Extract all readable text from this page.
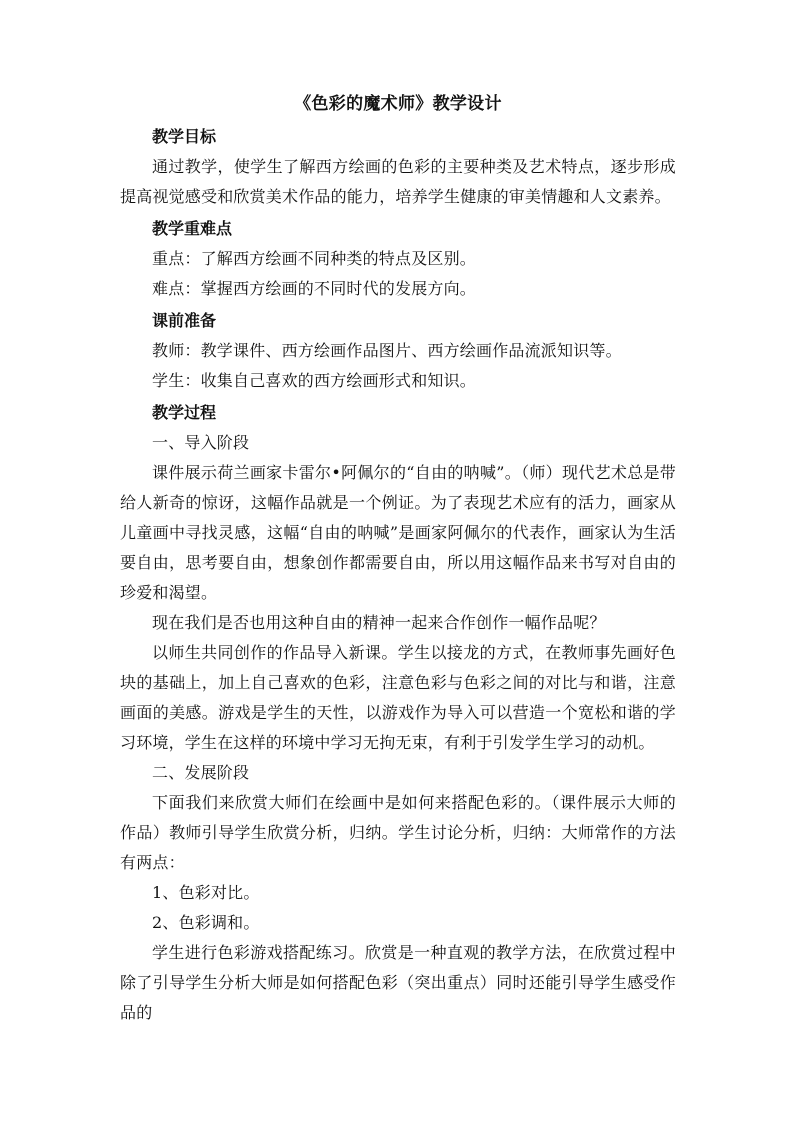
《色彩的魔术师》教学设计

教学目标

通过教学，使学生了解西方绘画的色彩的主要种类及艺术特点，逐步形成提高视觉感受和欣赏美术作品的能力，培养学生健康的审美情趣和人文素养。

教学重难点

重点：了解西方绘画不同种类的特点及区别。

难点：掌握西方绘画的不同时代的发展方向。

课前准备

教师：教学课件、西方绘画作品图片、西方绘画作品流派知识等。

学生：收集自己喜欢的西方绘画形式和知识。

教学过程

一、导入阶段

课件展示荷兰画家卡雷尔•阿佩尔的“自由的呐喊”。（师）现代艺术总是带给人新奇的惊讶，这幅作品就是一个例证。为了表现艺术应有的活力，画家从儿童画中寻找灵感，这幅“自由的呐喊”是画家阿佩尔的代表作，画家认为生活要自由，思考要自由，想象创作都需要自由，所以用这幅作品来书写对自由的珍爱和渴望。

现在我们是否也用这种自由的精神一起来合作创作一幅作品呢？

以师生共同创作的作品导入新课。学生以接龙的方式，在教师事先画好色块的基础上，加上自己喜欢的色彩，注意色彩与色彩之间的对比与和谐，注意画面的美感。游戏是学生的天性，以游戏作为导入可以营造一个宽松和谐的学习环境，学生在这样的环境中学习无拘无束，有利于引发学生学习的动机。

二、发展阶段

下面我们来欣赏大师们在绘画中是如何来搭配色彩的。（课件展示大师的作品）教师引导学生欣赏分析，归纳。学生讨论分析，归纳：大师常作的方法有两点：

1、色彩对比。

2、色彩调和。

学生进行色彩游戏搭配练习。欣赏是一种直观的教学方法，在欣赏过程中除了引导学生分析大师是如何搭配色彩（突出重点）同时还能引导学生感受作品的
